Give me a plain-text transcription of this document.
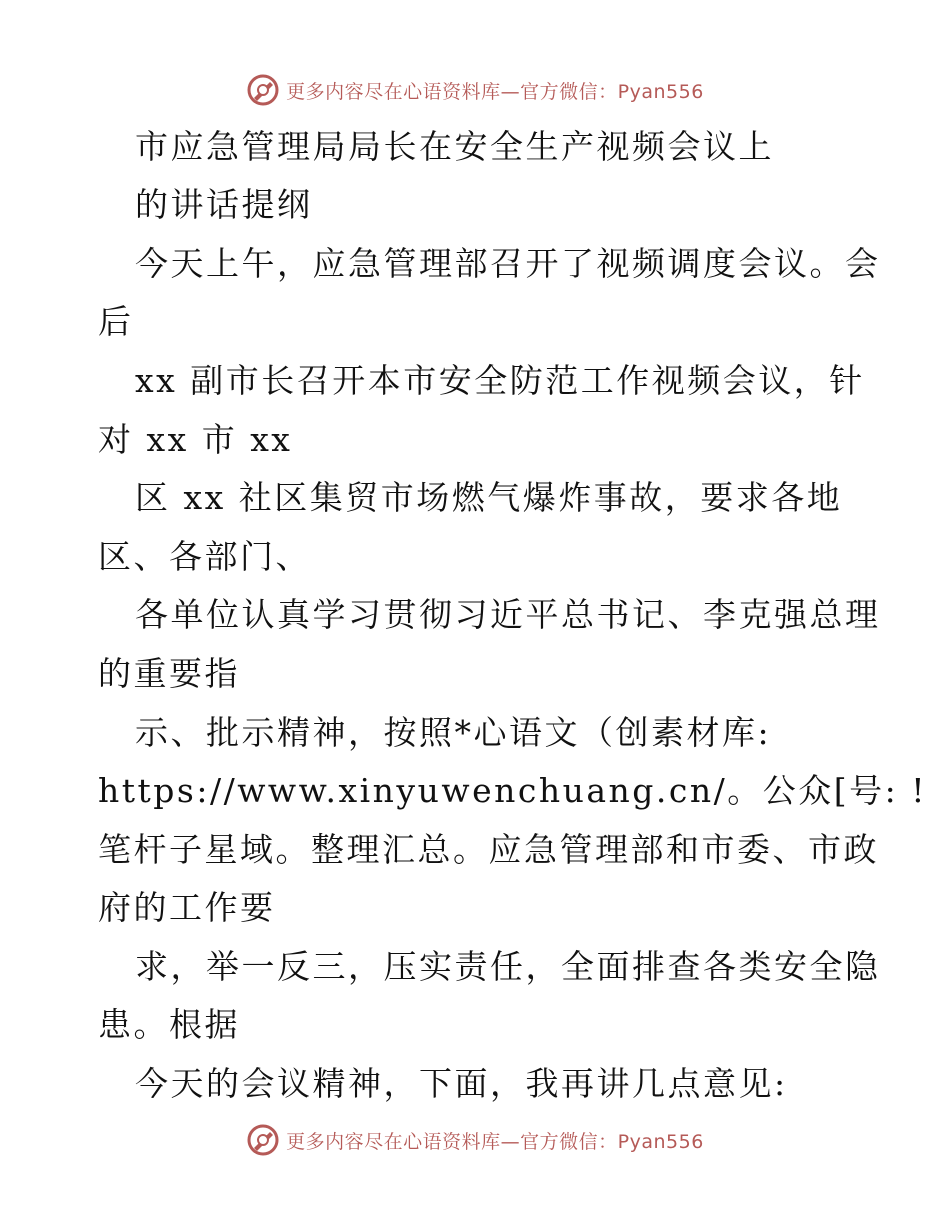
更多内容尽在心语资料库—官方微信：Pyan556
市应急管理局局长在安全生产视频会议上
的讲话提纲
今天上午，应急管理部召开了视频调度会议。会
后
xx 副市长召开本市安全防范工作视频会议，针
对 xx 市 xx
区 xx 社区集贸市场燃气爆炸事故，要求各地
区、各部门、
各单位认真学习贯彻习近平总书记、李克强总理
的重要指
示、批示精神，按照*心语文（创素材库:
https://www.xinyuwenchuang.cn/。公众[号: !
笔杆子星域。整理汇总。应急管理部和市委、市政
府的工作要
求，举一反三，压实责任，全面排查各类安全隐
患。根据
今天的会议精神，下面，我再讲几点意见:
更多内容尽在心语资料库—官方微信：Pyan556
